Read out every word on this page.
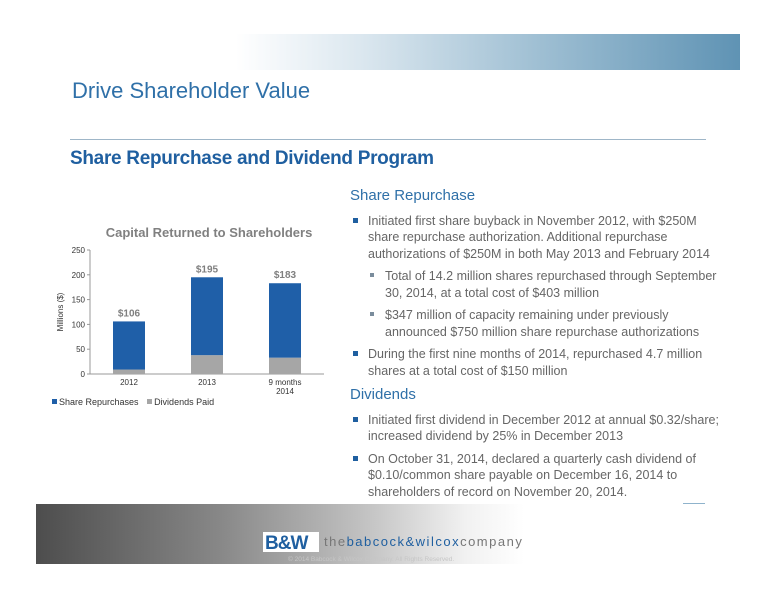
Drive Shareholder Value
Share Repurchase and Dividend Program
Capital Returned to Shareholders
Millions ($)
0
50
100
150
200
250
$106
2012
$195
2013
$183
9 months
2014
Share Repurchases
Dividends Paid
Share Repurchase
Initiated first share buyback in November 2012, with $250M share repurchase authorization. Additional repurchase authorizations of $250M in both May 2013 and February 2014
Total of 14.2 million shares repurchased through September 30, 2014, at a total cost of $403 million
$347 million of capacity remaining under previously announced $750 million share repurchase authorizations
During the first nine months of 2014, repurchased 4.7 million shares at a total cost of $150 million
Dividends
Initiated first dividend in December 2012 at annual $0.32/share; increased dividend by 25% in December 2013
On October 31, 2014, declared a quarterly cash dividend of $0.10/common share payable on December 16, 2014 to shareholders of record on November 20, 2014.
B&W thebabcock&wilcoxcompany
© 2014 Babcock & Wilcox Company. All Rights Reserved.
